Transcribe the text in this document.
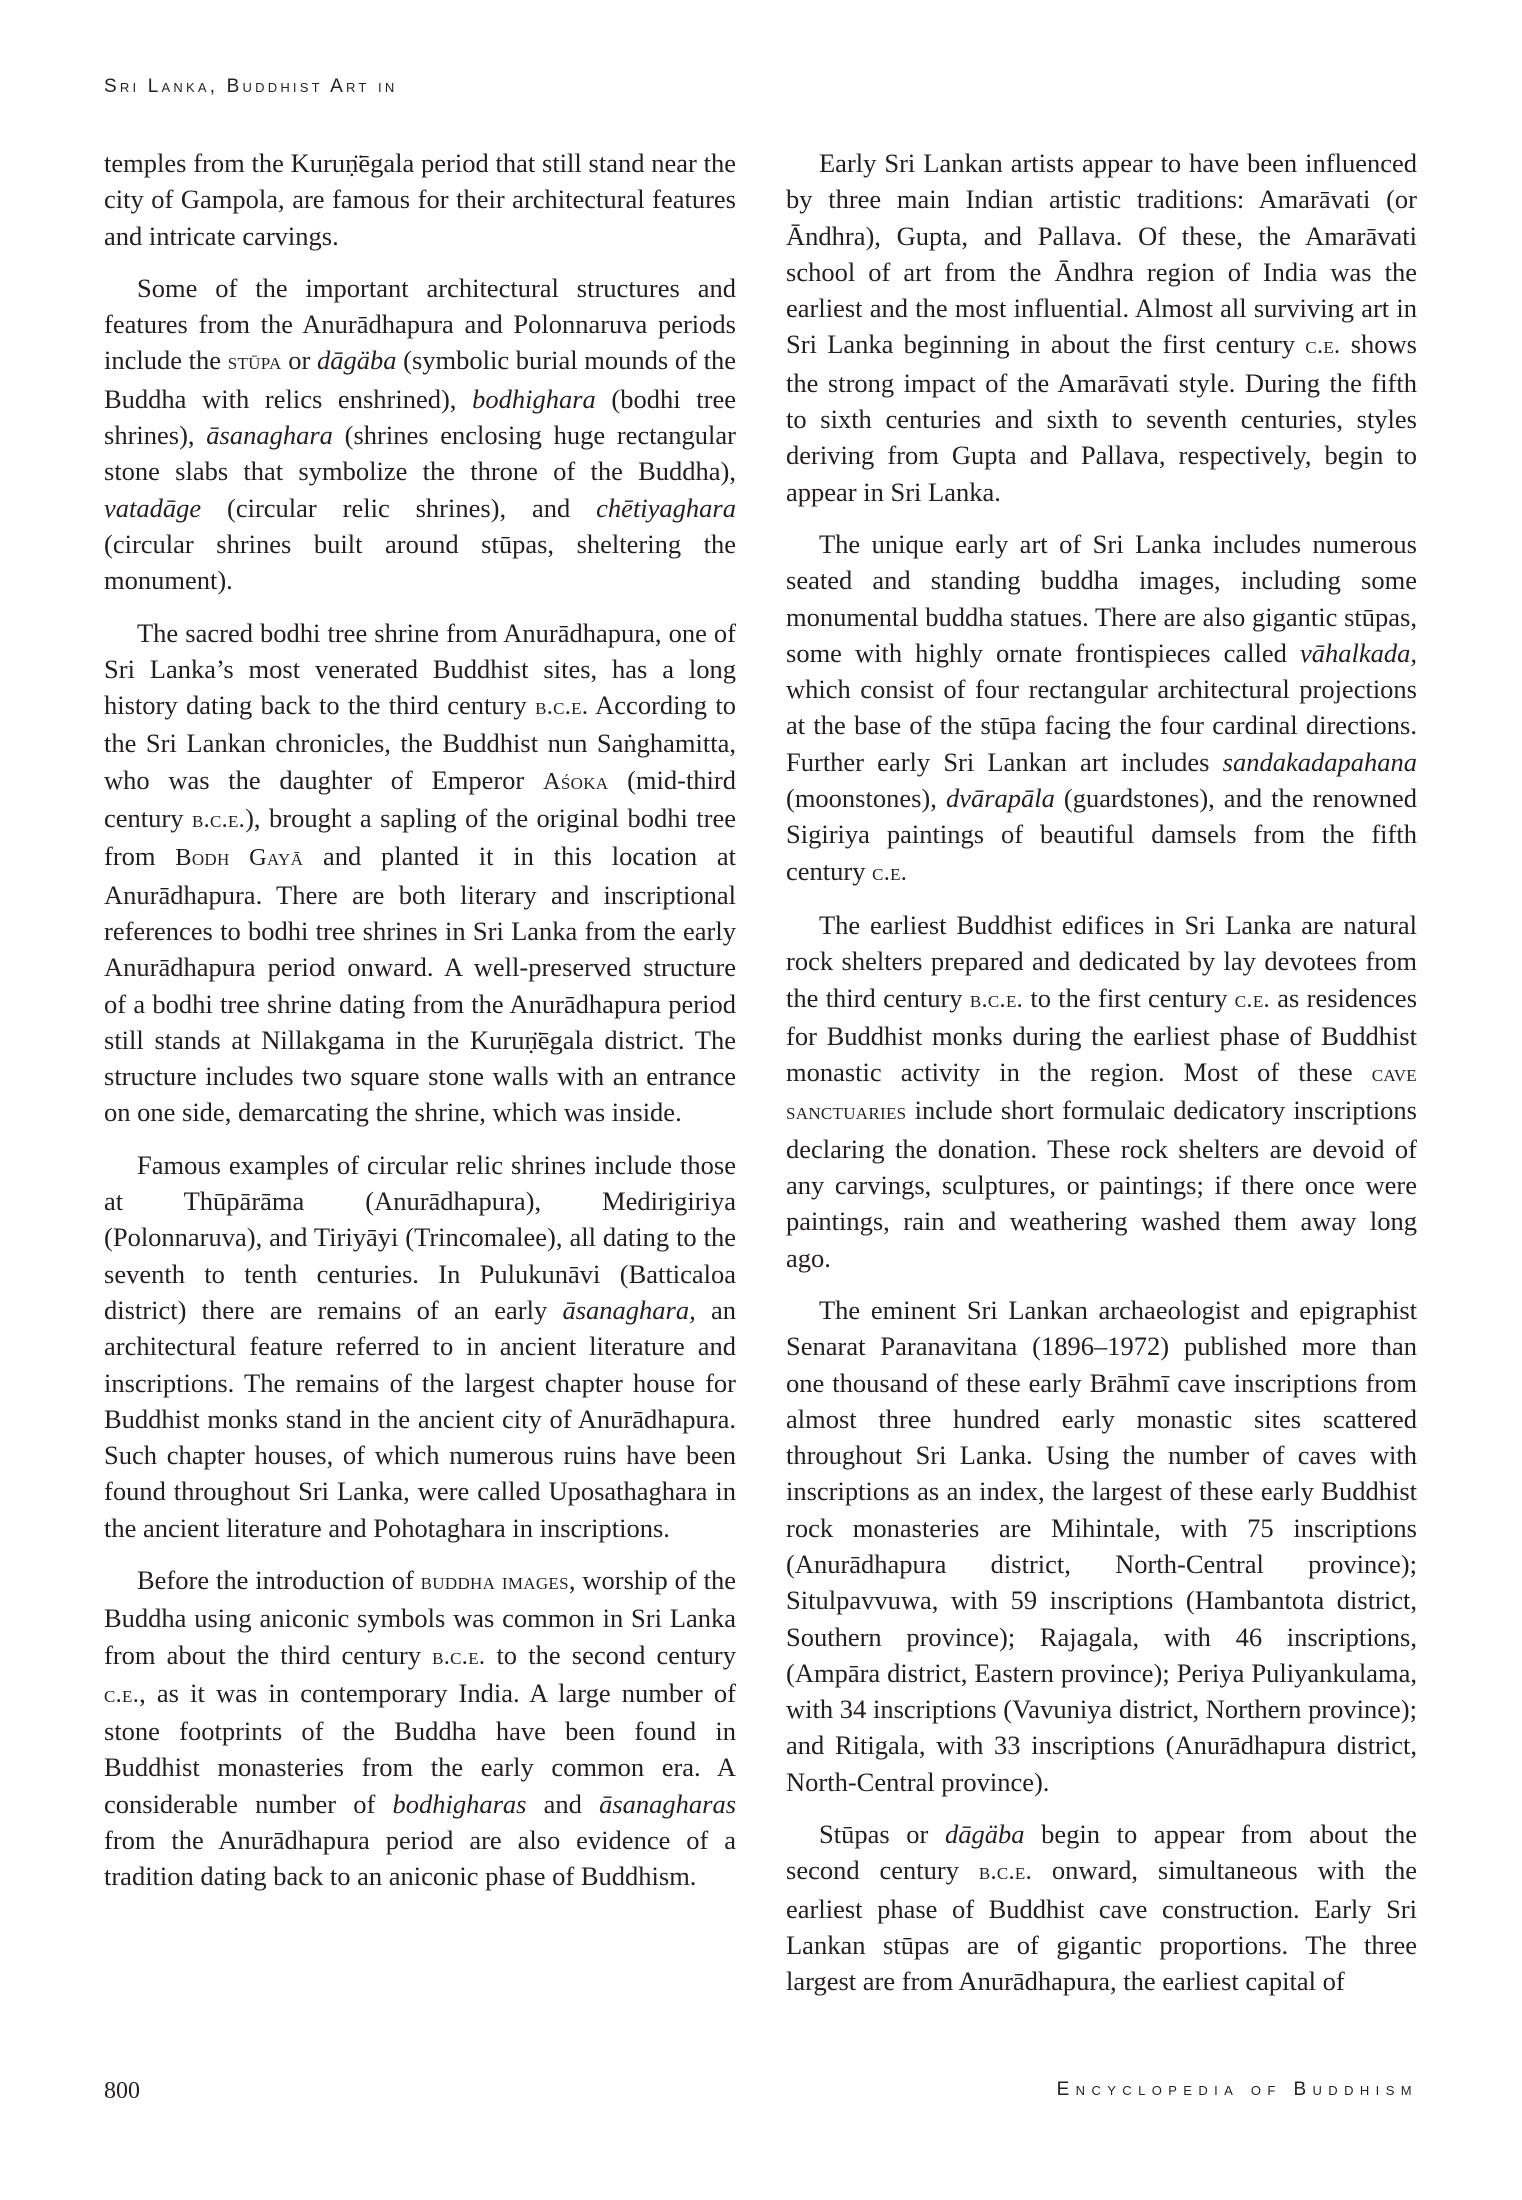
Sri Lanka, Buddhist Art in

temples from the Kuruṇ̈ēgala period that still stand near the city of Gampola, are famous for their architectural features and intricate carvings.

Some of the important architectural structures and features from the Anurādhapura and Polonnaruva periods include the stūpa or dāgäba (symbolic burial mounds of the Buddha with relics enshrined), bodhighara (bodhi tree shrines), āsanaghara (shrines enclosing huge rectangular stone slabs that symbolize the throne of the Buddha), vatadāge (circular relic shrines), and chētiyaghara (circular shrines built around stūpas, sheltering the monument).

The sacred bodhi tree shrine from Anurādhapura, one of Sri Lanka’s most venerated Buddhist sites, has a long history dating back to the third century b.c.e. According to the Sri Lankan chronicles, the Buddhist nun Saṅghamitta, who was the daughter of Emperor Aśoka (mid-third century b.c.e.), brought a sapling of the original bodhi tree from Bodh Gayā and planted it in this location at Anurādhapura. There are both literary and inscriptional references to bodhi tree shrines in Sri Lanka from the early Anurādhapura period onward. A well-preserved structure of a bodhi tree shrine dating from the Anurādhapura period still stands at Nillakgama in the Kuruṇ̈ēgala district. The structure includes two square stone walls with an entrance on one side, demarcating the shrine, which was inside.

Famous examples of circular relic shrines include those at Thūpārāma (Anurādhapura), Medirigiriya (Polonnaruva), and Tiriyāyi (Trincomalee), all dating to the seventh to tenth centuries. In Pulukunāvi (Batticaloa district) there are remains of an early āsanaghara, an architectural feature referred to in ancient literature and inscriptions. The remains of the largest chapter house for Buddhist monks stand in the ancient city of Anurādhapura. Such chapter houses, of which numerous ruins have been found throughout Sri Lanka, were called Uposathaghara in the ancient literature and Pohotaghara in inscriptions.

Before the introduction of buddha images, worship of the Buddha using aniconic symbols was common in Sri Lanka from about the third century b.c.e. to the second century c.e., as it was in contemporary India. A large number of stone footprints of the Buddha have been found in Buddhist monasteries from the early common era. A considerable number of bodhigharas and āsanagharas from the Anurādhapura period are also evidence of a tradition dating back to an aniconic phase of Buddhism.

Early Sri Lankan artists appear to have been influenced by three main Indian artistic traditions: Amarāvati (or Āndhra), Gupta, and Pallava. Of these, the Amarāvati school of art from the Āndhra region of India was the earliest and the most influential. Almost all surviving art in Sri Lanka beginning in about the first century c.e. shows the strong impact of the Amarāvati style. During the fifth to sixth centuries and sixth to seventh centuries, styles deriving from Gupta and Pallava, respectively, begin to appear in Sri Lanka.

The unique early art of Sri Lanka includes numerous seated and standing buddha images, including some monumental buddha statues. There are also gigantic stūpas, some with highly ornate frontispieces called vāhalkada, which consist of four rectangular architectural projections at the base of the stūpa facing the four cardinal directions. Further early Sri Lankan art includes sandakadapahana (moonstones), dvārapāla (guardstones), and the renowned Sigiriya paintings of beautiful damsels from the fifth century c.e.

The earliest Buddhist edifices in Sri Lanka are natural rock shelters prepared and dedicated by lay devotees from the third century b.c.e. to the first century c.e. as residences for Buddhist monks during the earliest phase of Buddhist monastic activity in the region. Most of these cave sanctuaries include short formulaic dedicatory inscriptions declaring the donation. These rock shelters are devoid of any carvings, sculptures, or paintings; if there once were paintings, rain and weathering washed them away long ago.

The eminent Sri Lankan archaeologist and epigraphist Senarat Paranavitana (1896–1972) published more than one thousand of these early Brāhmī cave inscriptions from almost three hundred early monastic sites scattered throughout Sri Lanka. Using the number of caves with inscriptions as an index, the largest of these early Buddhist rock monasteries are Mihintale, with 75 inscriptions (Anurādhapura district, North-Central province); Situlpavvuwa, with 59 inscriptions (Hambantota district, Southern province); Rajagala, with 46 inscriptions, (Ampāra district, Eastern province); Periya Puliyankulama, with 34 inscriptions (Vavuniya district, Northern province); and Ritigala, with 33 inscriptions (Anurādhapura district, North-Central province).

Stūpas or dāgäba begin to appear from about the second century b.c.e. onward, simultaneous with the earliest phase of Buddhist cave construction. Early Sri Lankan stūpas are of gigantic proportions. The three largest are from Anurādhapura, the earliest capital of

800	Encyclopedia of Buddhism
